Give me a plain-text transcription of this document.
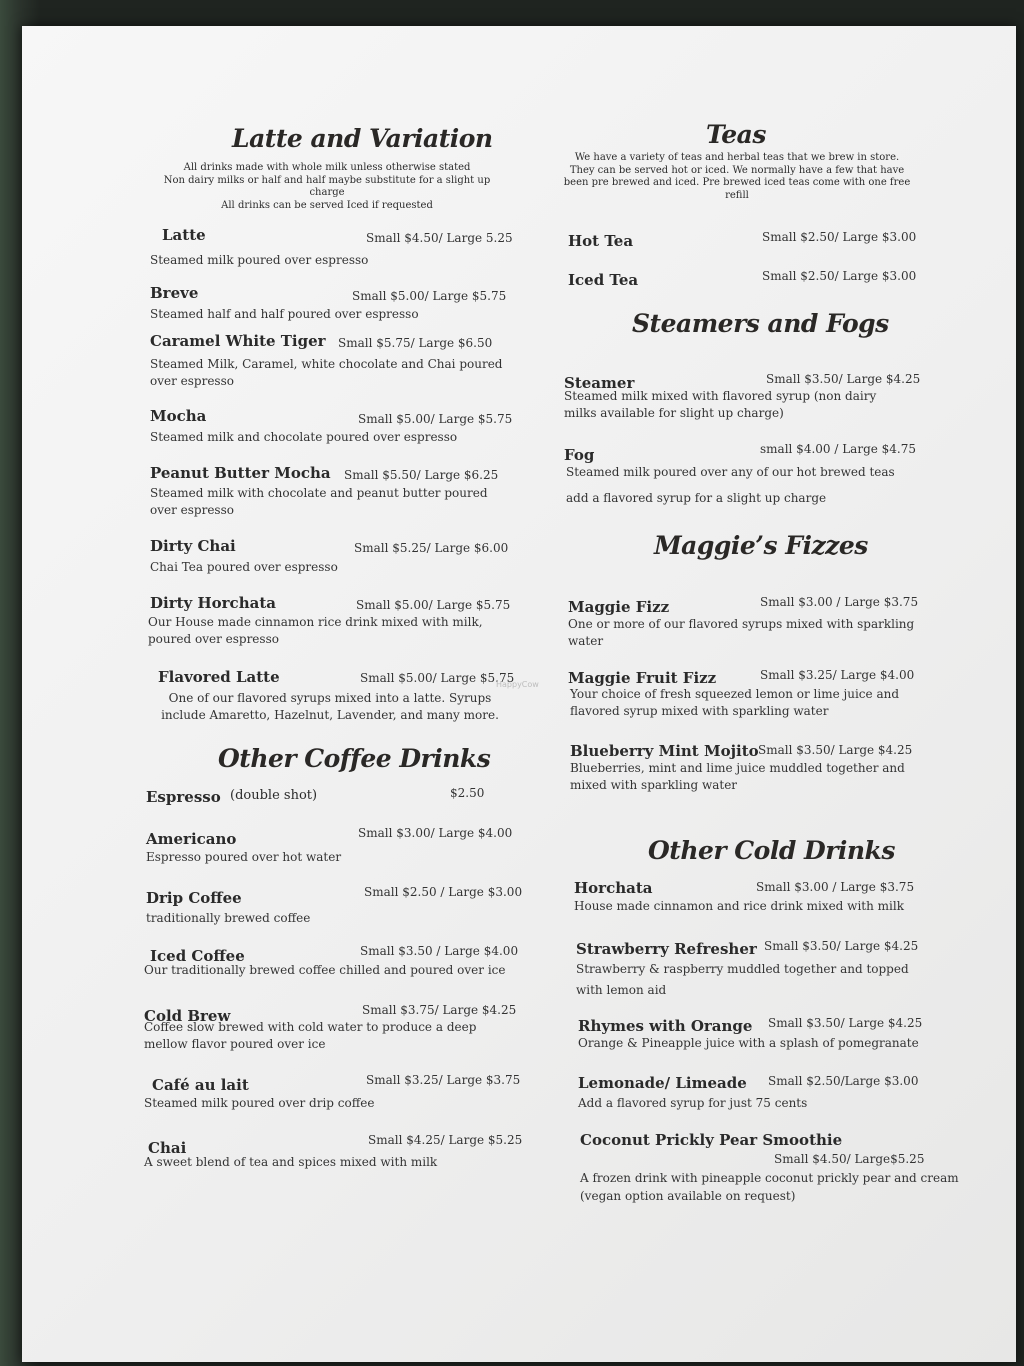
Latte and Variation
All drinks made with whole milk unless otherwise stated
Non dairy milks or half and half maybe substitute for a slight up charge
All drinks can be served Iced if requested
Latte	Small $4.50/ Large 5.25
Steamed milk poured over espresso
Breve	Small $5.00/ Large $5.75
Steamed half and half poured over espresso
Caramel White Tiger Small $5.75/ Large $6.50
Steamed Milk, Caramel, white chocolate and Chai poured over espresso
Mocha	Small $5.00/ Large $5.75
Steamed milk and chocolate poured over espresso
Peanut Butter Mocha Small $5.50/ Large $6.25
Steamed milk with chocolate and peanut butter poured over espresso
Dirty Chai	Small $5.25/ Large $6.00
Chai Tea poured over espresso
Dirty Horchata	Small $5.00/ Large $5.75
Our House made cinnamon rice drink mixed with milk, poured over espresso
Flavored Latte	Small $5.00/ Large $5.75
One of our flavored syrups mixed into a latte. Syrups include Amaretto, Hazelnut, Lavender, and many more.
Other Coffee Drinks
Espresso (double shot)	$2.50
Americano	Small $3.00/ Large $4.00
Espresso poured over hot water
Drip Coffee	Small $2.50 / Large $3.00
traditionally brewed coffee
Iced Coffee	Small $3.50 / Large $4.00
Our traditionally brewed coffee chilled and poured over ice
Cold Brew	Small $3.75/ Large $4.25
Coffee slow brewed with cold water to produce a deep mellow flavor poured over ice
Café au lait	Small $3.25/ Large $3.75
Steamed milk poured over drip coffee
Chai	Small $4.25/ Large $5.25
A sweet blend of tea and spices mixed with milk
Teas
We have a variety of teas and herbal teas that we brew in store. They can be served hot or iced. We normally have a few that have been pre brewed and iced. Pre brewed iced teas come with one free refill
Hot Tea	Small $2.50/ Large $3.00
Iced Tea	Small $2.50/ Large $3.00
Steamers and Fogs
Steamer	Small $3.50/ Large $4.25
Steamed milk mixed with flavored syrup (non dairy milks available for slight up charge)
Fog	small $4.00 / Large $4.75
Steamed milk poured over any of our hot brewed teas add a flavored syrup for a slight up charge
Maggie’s Fizzes
Maggie Fizz	Small $3.00 / Large $3.75
One or more of our flavored syrups mixed with sparkling water
Maggie Fruit Fizz	Small $3.25/ Large $4.00
Your choice of fresh squeezed lemon or lime juice and flavored syrup mixed with sparkling water
Blueberry Mint Mojito Small $3.50/ Large $4.25
Blueberries, mint and lime juice muddled together and mixed with sparkling water
Other Cold Drinks
Horchata	Small $3.00 / Large $3.75
House made cinnamon and rice drink mixed with milk
Strawberry Refresher Small $3.50/ Large $4.25
Strawberry & raspberry muddled together and topped with lemon aid
Rhymes with Orange Small $3.50/ Large $4.25
Orange & Pineapple juice with a splash of pomegranate
Lemonade/ Limeade Small $2.50/Large $3.00
Add a flavored syrup for just 75 cents
Coconut Prickly Pear Smoothie
Small $4.50/ Large$5.25
A frozen drink with pineapple coconut prickly pear and cream (vegan option available on request)
HappyCow
